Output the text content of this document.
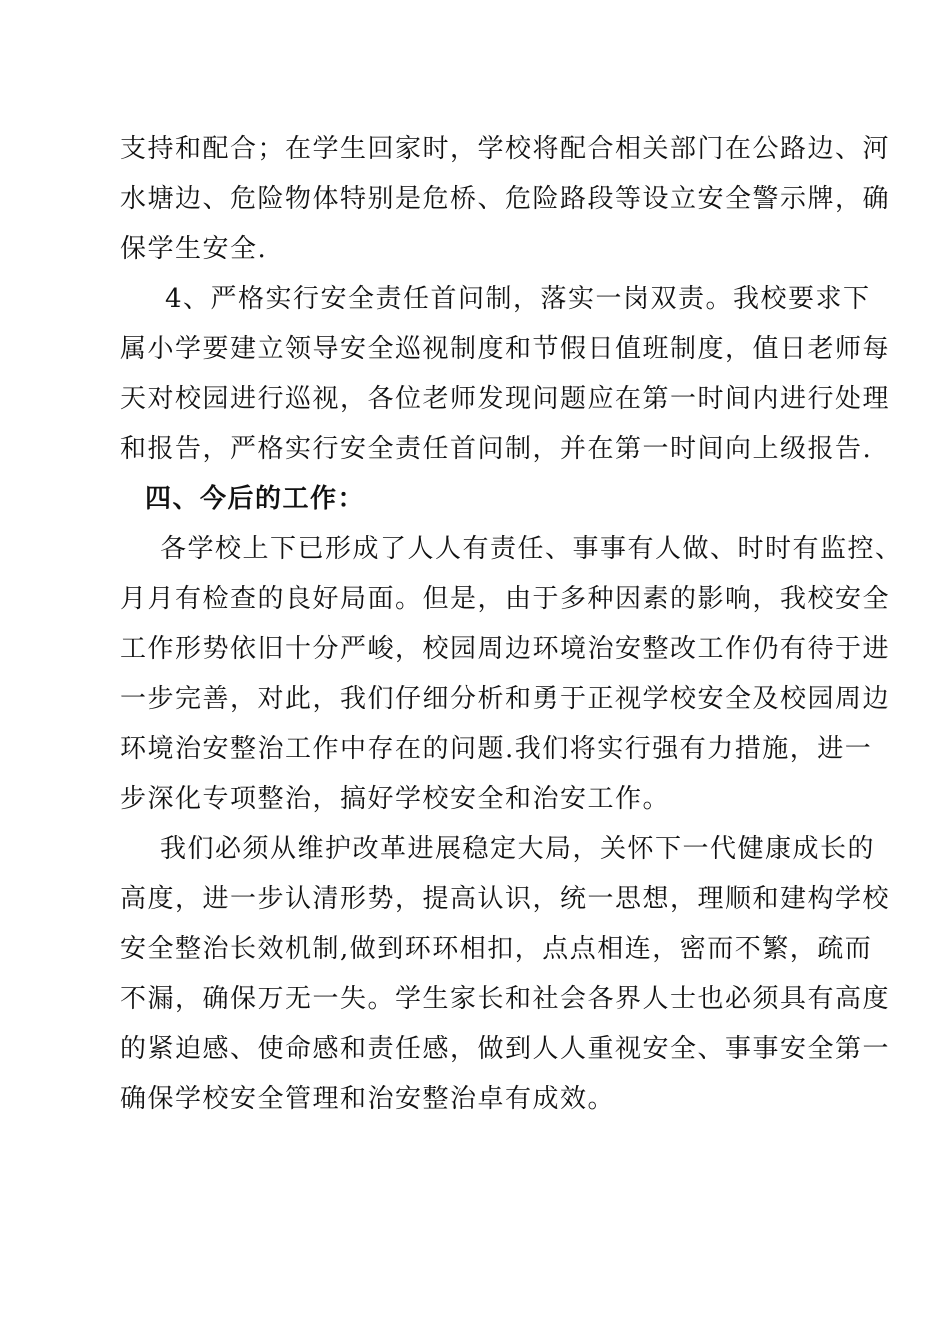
支持和配合；在学生回家时，学校将配合相关部门在公路边、河
水塘边、危险物体特别是危桥、危险路段等设立安全警示牌，确
保学生安全.
4、严格实行安全责任首问制，落实一岗双责。我校要求下
属小学要建立领导安全巡视制度和节假日值班制度，值日老师每
天对校园进行巡视，各位老师发现问题应在第一时间内进行处理
和报告，严格实行安全责任首问制，并在第一时间向上级报告.
四、今后的工作：
各学校上下已形成了人人有责任、事事有人做、时时有监控、
月月有检查的良好局面。但是，由于多种因素的影响，我校安全
工作形势依旧十分严峻，校园周边环境治安整改工作仍有待于进
一步完善，对此，我们仔细分析和勇于正视学校安全及校园周边
环境治安整治工作中存在的问题.我们将实行强有力措施，进一
步深化专项整治，搞好学校安全和治安工作。
我们必须从维护改革进展稳定大局，关怀下一代健康成长的
高度，进一步认清形势，提高认识，统一思想，理顺和建构学校
安全整治长效机制,做到环环相扣，点点相连，密而不繁，疏而
不漏，确保万无一失。学生家长和社会各界人士也必须具有高度
的紧迫感、使命感和责任感，做到人人重视安全、事事安全第一
确保学校安全管理和治安整治卓有成效。
